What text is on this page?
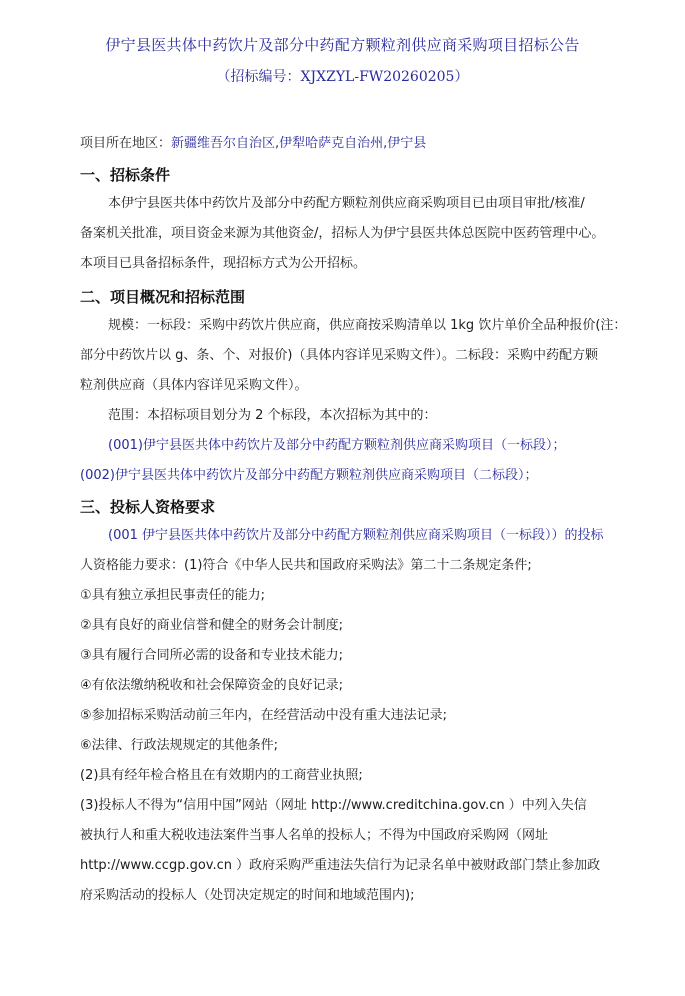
伊宁县医共体中药饮片及部分中药配方颗粒剂供应商采购项目招标公告
（招标编号：XJXZYL-FW20260205）
项目所在地区：新疆维吾尔自治区,伊犁哈萨克自治州,伊宁县
一、招标条件
本伊宁县医共体中药饮片及部分中药配方颗粒剂供应商采购项目已由项目审批/核准/
备案机关批准，项目资金来源为其他资金/，招标人为伊宁县医共体总医院中医药管理中心。
本项目已具备招标条件，现招标方式为公开招标。
二、项目概况和招标范围
规模：一标段：采购中药饮片供应商，供应商按采购清单以 1kg 饮片单价全品种报价(注：
部分中药饮片以 g、条、个、对报价)（具体内容详见采购文件）。二标段：采购中药配方颗
粒剂供应商（具体内容详见采购文件）。
范围：本招标项目划分为 2 个标段，本次招标为其中的：
(001)伊宁县医共体中药饮片及部分中药配方颗粒剂供应商采购项目（一标段）；
(002)伊宁县医共体中药饮片及部分中药配方颗粒剂供应商采购项目（二标段）；
三、投标人资格要求
(001 伊宁县医共体中药饮片及部分中药配方颗粒剂供应商采购项目（一标段））的投标
人资格能力要求：(1)符合《中华人民共和国政府采购法》第二十二条规定条件;
①具有独立承担民事责任的能力;
②具有良好的商业信誉和健全的财务会计制度;
③具有履行合同所必需的设备和专业技术能力;
④有依法缴纳税收和社会保障资金的良好记录;
⑤参加招标采购活动前三年内，在经营活动中没有重大违法记录;
⑥法律、行政法规规定的其他条件;
(2)具有经年检合格且在有效期内的工商营业执照;
(3)投标人不得为“信用中国”网站（网址 http://www.creditchina.gov.cn ）中列入失信
被执行人和重大税收违法案件当事人名单的投标人；不得为中国政府采购网（网址
http://www.ccgp.gov.cn ）政府采购严重违法失信行为记录名单中被财政部门禁止参加政
府采购活动的投标人（处罚决定规定的时间和地域范围内);
